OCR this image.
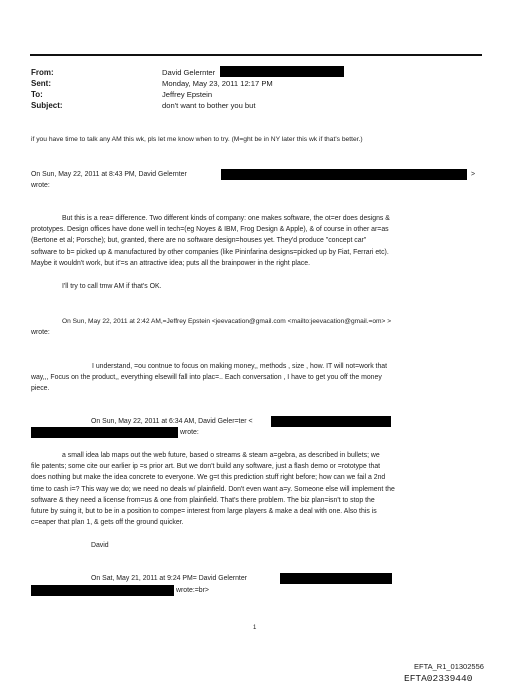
From:	David Gelernter
Sent:	Monday, May 23, 2011 12:17 PM
To:	Jeffrey Epstein
Subject:	don't want to bother you but
if you have time to talk any AM this wk, pls let me know when to try. (M=ght be in NY later this wk if that's better.)
On Sun, May 22, 2011 at 8:43 PM, David Gelernter	>
wrote:
But this is a rea= difference. Two different kinds of company: one makes software, the ot=er does designs &
prototypes. Design offices have done well in tech=(eg Noyes & IBM, Frog Design & Apple), & of course in other ar=as
(Bertone et al; Porsche); but, granted, there are no software design=houses yet. They'd produce "concept car"
software to b= picked up & manufactured by other companies (like Pininfarina designs=picked up by Fiat, Ferrari etc).
Maybe it wouldn't work, but it'=s an attractive idea; puts all the brainpower in the right place.
I'll try to call tmw AM if that's OK.
On Sun, May 22, 2011 at 2:42 AM,=Jeffrey Epstein <jeevacation@gmail.com <mailto:jeevacation@gmail.=om> >
wrote:
I understand, =ou contnue to focus on making money,, methods , size , how. IT will not=work that
way,,, Focus on the product,, everything elsewill fall into plac=.. Each conversation , I have to get you off the money
piece.
On Sun, May 22, 2011 at 6:34 AM, David Geler=ter <
wrote:
a small idea lab maps out the web future, based o streams & steam a=gebra, as described in bullets; we
file patents; some cite our earlier ip =s prior art. But we don't build any software, just a flash demo or =rototype that
does nothing but make the idea concrete to everyone. We g=t this prediction stuff right before; how can we fail a 2nd
time to cash i=? This way we do; we need no deals w/ plainfield. Don't even want a=y. Someone else will implement the
software & they need a license from=us & one from plainfield. That's there problem. The biz plan=isn't to stop the
future by suing it, but to be in a position to compe= interest from large players & make a deal with one. Also this is
c=eaper that plan 1, & gets off the ground quicker.
David
On Sat, May 21, 2011 at 9:24 PM= David Gelernter
wrote:=br>
1
EFTA_R1_01302556
EFTA02339440
